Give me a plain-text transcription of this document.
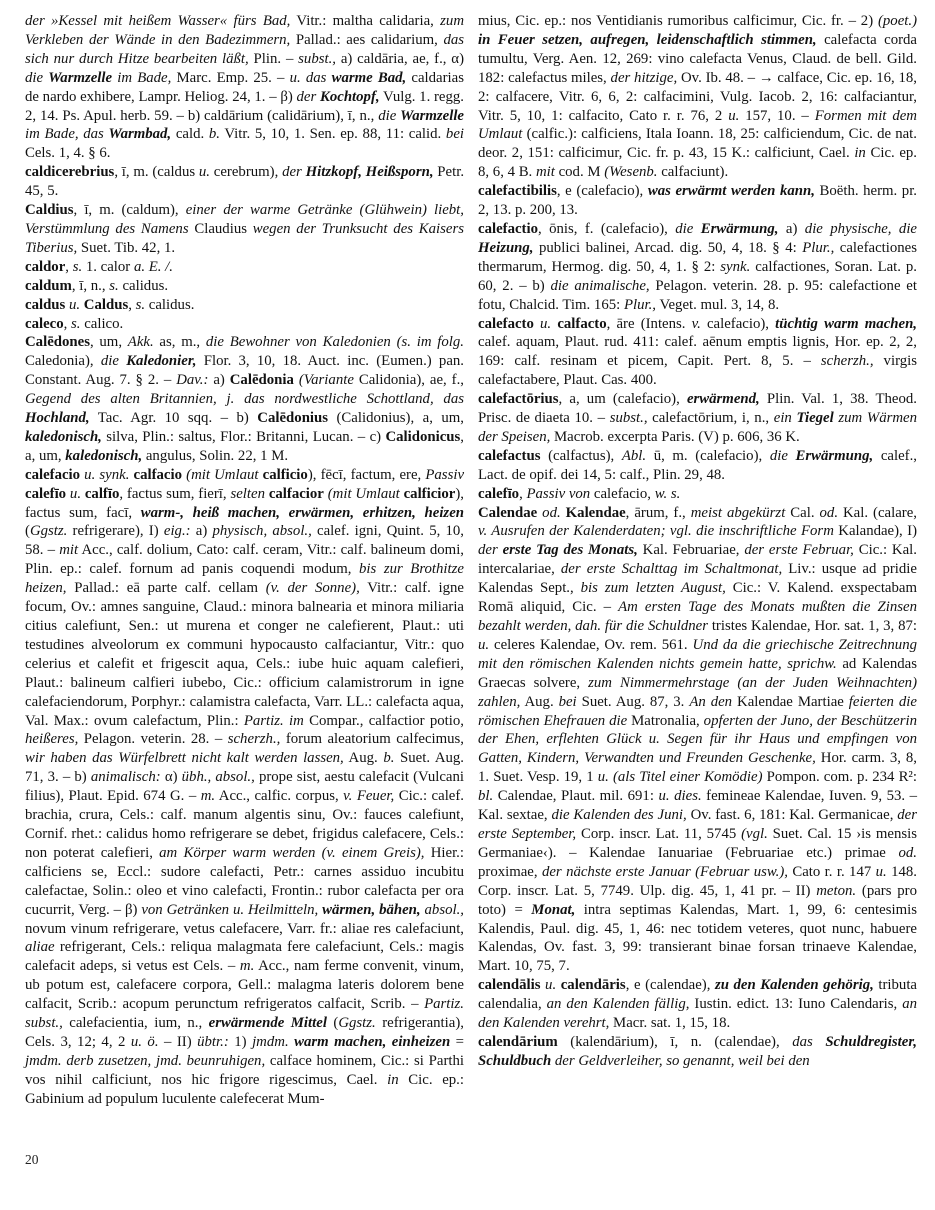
der »Kessel mit heißem Wasser« fürs Bad, Vitr.: maltha calidaria, zum Verkleben der Wände in den Badezimmern, Pallad.: aes calidarium, das sich nur durch Hitze bearbeiten läßt, Plin. – subst., a) caldāria, ae, f., α) die Warmzelle im Bade, Marc. Emp. 25. – u. das warme Bad, caldarias de nardo exhibere, Lampr. Heliog. 24, 1. – β) der Kochtopf, Vulg. 1. regg. 2, 14. Ps. Apul. herb. 59. – b) caldārium (calidārium), ī, n., die Warmzelle im Bade, das Warmbad, cald. b. Vitr. 5, 10, 1. Sen. ep. 88, 11: calid. bei Cels. 1, 4. § 6.

caldicerebrius, ī, m. (caldus u. cerebrum), der Hitzkopf, Heißsporn, Petr. 45, 5.

Caldius, ī, m. (caldum), einer der warme Getränke (Glühwein) liebt, Verstümmlung des Namens Claudius wegen der Trunksucht des Kaisers Tiberius, Suet. Tib. 42, 1.

caldor, s. 1. calor a. E. /.

caldum, ī, n., s. calidus.

caldus u. Caldus, s. calidus.

caleco, s. calico.

Calēdones, um, Akk. as, m., die Bewohner von Kaledonien (s. im folg. Caledonia), die Kaledonier, Flor. 3, 10, 18. Auct. inc. (Eumen.) pan. Constant. Aug. 7. § 2. – Dav.: a) Calēdonia (Variante Calidonia), ae, f., Gegend des alten Britannien, j. das nordwestliche Schottland, das Hochland, Tac. Agr. 10 sqq. – b) Calēdonius (Calidonius), a, um, kaledonisch, silva, Plin.: saltus, Flor.: Britanni, Lucan. – c) Calidonicus, a, um, kaledonisch, angulus, Solin. 22, 1 M.

calefacio u. synk. calfacio (mit Umlaut calficio), fēcī, factum, ere, Passiv calefīo u. calfīo, factus sum, fierī, selten calfacior (mit Umlaut calficior), factus sum, facī, warm-, heiß machen, erwärmen, erhitzen, heizen (Ggstz. refrigerare), I) eig.: a) physisch, absol., calef. igni, Quint. 5, 10, 58. – mit Acc., calf. dolium, Cato: calf. ceram, Vitr.: calf. balineum domi, Plin. ep.: calef. fornum ad panis coquendi modum, bis zur Brothitze heizen, Pallad.: eā parte calf. cellam (v. der Sonne), Vitr.: calf. igne focum, Ov.: amnes sanguine, Claud.: minora balnearia et minora miliaria citius calefiunt, Sen.: ut murena et conger ne calefierent, Plaut.: uti testudines alveolorum ex communi hypocausto calfaciantur, Vitr.: quo celerius et calefit et frigescit aqua, Cels.: iube huic aquam calefieri, Plaut.: balineum calfieri iubebo, Cic.: officium calamistrorum in igne calefaciendorum, Porphyr.: calamistra calefacta, Varr. LL.: calefacta aqua, Val. Max.: ovum calefactum, Plin.: Partiz. im Compar., calfactior potio, heißeres, Pelagon. veterin. 28. – scherzh., forum aleatorium calfecimus, wir haben das Würfelbrett nicht kalt werden lassen, Aug. b. Suet. Aug. 71, 3. – b) animalisch: α) übh., absol., prope sist, aestu calefacit (Vulcani filius), Plaut. Epid. 674 G. – m. Acc., calfic. corpus, v. Feuer, Cic.: calef. brachia, crura, Cels.: calf. manum algentis sinu, Ov.: fauces calefiunt, Cornif. rhet.: calidus homo refrigerare se debet, frigidus calefacere, Cels.: non poterat calefieri, am Körper warm werden (v. einem Greis), Hier.: calficiens se, Eccl.: sudore calefacti, Petr.: carnes assiduo incubitu calefactae, Solin.: oleo et vino calefacti, Frontin.: rubor calefacta per ora cucurrit, Verg. – β) von Getränken u. Heilmitteln, wärmen, bähen, absol., novum vinum refrigerare, vetus calefacere, Varr. fr.: aliae res calefaciunt, aliae refrigerant, Cels.: reliqua malagmata fere calefaciunt, Cels.: magis calefacit adeps, si vetus est Cels. – m. Acc., nam ferme convenit, vinum, ub potum est, calefacere corpora, Gell.: malagma lateris dolorem bene calfacit, Scrib.: acopum perunctum refrigeratos calfacit, Scrib. – Partiz. subst., calefacientia, ium, n., erwärmende Mittel (Ggstz. refrigerantia), Cels. 3, 12; 4, 2 u. ö. – II) übtr.: 1) jmdm. warm machen, einheizen = jmdm. derb zusetzen, jmd. beunruhigen, calface hominem, Cic.: si Parthi vos nihil calficiunt, nos hic frigore rigescimus, Cael. in Cic. ep.: Gabinium ad populum luculente calefecerat Mum-

mius, Cic. ep.: nos Ventidianis rumoribus calficimur, Cic. fr. – 2) (poet.) in Feuer setzen, aufregen, leidenschaftlich stimmen, calefacta corda tumultu, Verg. Aen. 12, 269: vino calefacta Venus, Claud. de bell. Gild. 182: calefactus miles, der hitzige, Ov. Ib. 48. – → calface, Cic. ep. 16, 18, 2: calfacere, Vitr. 6, 6, 2: calfacimini, Vulg. Iacob. 2, 16: calfaciantur, Vitr. 5, 10, 1: calfacito, Cato r. r. 76, 2 u. 157, 10. – Formen mit dem Umlaut (calfic.): calficiens, Itala Ioann. 18, 25: calficiendum, Cic. de nat. deor. 2, 151: calficimur, Cic. fr. p. 43, 15 K.: calficiunt, Cael. in Cic. ep. 8, 6, 4 B. mit cod. M (Wesenb. calfaciunt).

calefactibilis, e (calefacio), was erwärmt werden kann, Boëth. herm. pr. 2, 13. p. 200, 13.

calefactio, ōnis, f. (calefacio), die Erwärmung, a) die physische, die Heizung, publici balinei, Arcad. dig. 50, 4, 18. § 4: Plur., calefactiones thermarum, Hermog. dig. 50, 4, 1. § 2: synk. calfactiones, Soran. Lat. p. 60, 2. – b) die animalische, Pelagon. veterin. 28. p. 95: calefactione et fotu, Chalcid. Tim. 165: Plur., Veget. mul. 3, 14, 8.

calefacto u. calfacto, āre (Intens. v. calefacio), tüchtig warm machen, calef. aquam, Plaut. rud. 411: calef. aēnum emptis lignis, Hor. ep. 2, 2, 169: calf. resinam et picem, Capit. Pert. 8, 5. – scherzh., virgis calefactabere, Plaut. Cas. 400.

calefactōrius, a, um (calefacio), erwärmend, Plin. Val. 1, 38. Theod. Prisc. de diaeta 10. – subst., calefactōrium, i, n., ein Tiegel zum Wärmen der Speisen, Macrob. excerpta Paris. (V) p. 606, 36 K.

calefactus (calfactus), Abl. ū, m. (calefacio), die Erwärmung, calef., Lact. de opif. dei 14, 5: calf., Plin. 29, 48.

calefīo, Passiv von calefacio, w. s.

Calendae od. Kalendae, ārum, f., meist abgekürzt Cal. od. Kal. (calare, v. Ausrufen der Kalenderdaten; vgl. die inschriftliche Form Kalandae), I) der erste Tag des Monats, Kal. Februariae, der erste Februar, Cic.: Kal. intercalariae, der erste Schalttag im Schaltmonat, Liv.: usque ad pridie Kalendas Sept., bis zum letzten August, Cic.: V. Kalend. exspectabam Romā aliquid, Cic. – Am ersten Tage des Monats mußten die Zinsen bezahlt werden, dah. für die Schuldner tristes Kalendae, Hor. sat. 1, 3, 87: u. celeres Kalendae, Ov. rem. 561. Und da die griechische Zeitrechnung mit den römischen Kalenden nichts gemein hatte, sprichw. ad Kalendas Graecas solvere, zum Nimmermehrstage (an der Juden Weihnachten) zahlen, Aug. bei Suet. Aug. 87, 3. An den Kalendae Martiae feierten die römischen Ehefrauen die Matronalia, opferten der Juno, der Beschützerin der Ehen, erflehten Glück u. Segen für ihr Haus und empfingen von Gatten, Kindern, Verwandten und Freunden Geschenke, Hor. carm. 3, 8, 1. Suet. Vesp. 19, 1 u. (als Titel einer Komödie) Pompon. com. p. 234 R²: bl. Calendae, Plaut. mil. 691: u. dies. femineae Kalendae, Iuven. 9, 53. – Kal. sextae, die Kalenden des Juni, Ov. fast. 6, 181: Kal. Germanicae, der erste September, Corp. inscr. Lat. 11, 5745 (vgl. Suet. Cal. 15 ›is mensis Germaniae‹). – Kalendae Ianuariae (Februariae etc.) primae od. proximae, der nächste erste Januar (Februar usw.), Cato r. r. 147 u. 148. Corp. inscr. Lat. 5, 7749. Ulp. dig. 45, 1, 41 pr. – II) meton. (pars pro toto) = Monat, intra septimas Kalendas, Mart. 1, 99, 6: centesimis Kalendis, Paul. dig. 45, 1, 46: nec totidem veteres, quot nunc, habuere Kalendas, Ov. fast. 3, 99: transierant binae forsan trinaeve Kalendae, Mart. 10, 75, 7.

calendālis u. calendāris, e (calendae), zu den Kalenden gehörig, tributa calendalia, an den Kalenden fällig, Iustin. edict. 13: Iuno Calendaris, an den Kalenden verehrt, Macr. sat. 1, 15, 18.

calendārium (kalendārium), ī, n. (calendae), das Schuldregister, Schuldbuch der Geldverleiher, so genannt, weil bei den

20
